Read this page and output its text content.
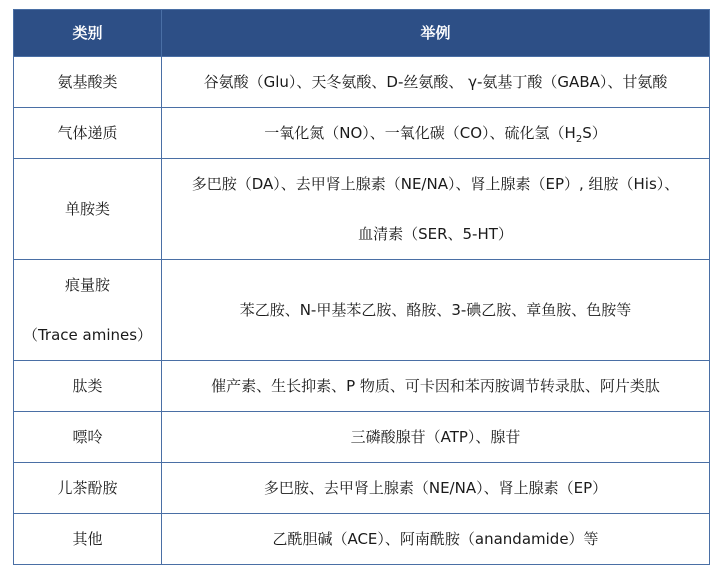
类别	举例
氨基酸类	谷氨酸（Glu）、天冬氨酸、D-丝氨酸、 γ-氨基丁酸（GABA）、甘氨酸
气体递质	一氧化氮（NO）、一氧化碳（CO）、硫化氢$(H_2S)$
单胺类	多巴胺（DA）、去甲肾上腺素（NE/NA）、肾上腺素（EP）, 组胺（His）、
血清素（SER、5-HT）

痕量胺
（Trace amines）	苯乙胺、N-甲基苯乙胺、酪胺、3-碘乙胺、章鱼胺、色胺等
肽类	催产素、生长抑素、P 物质、可卡因和苯丙胺调节转录肽、阿片类肽
嘌呤	三磷酸腺苷（ATP）、腺苷
儿茶酚胺	多巴胺、去甲肾上腺素（NE/NA）、肾上腺素（EP）
其他	乙酰胆碱（ACE）、阿南酰胺（anandamide）等
